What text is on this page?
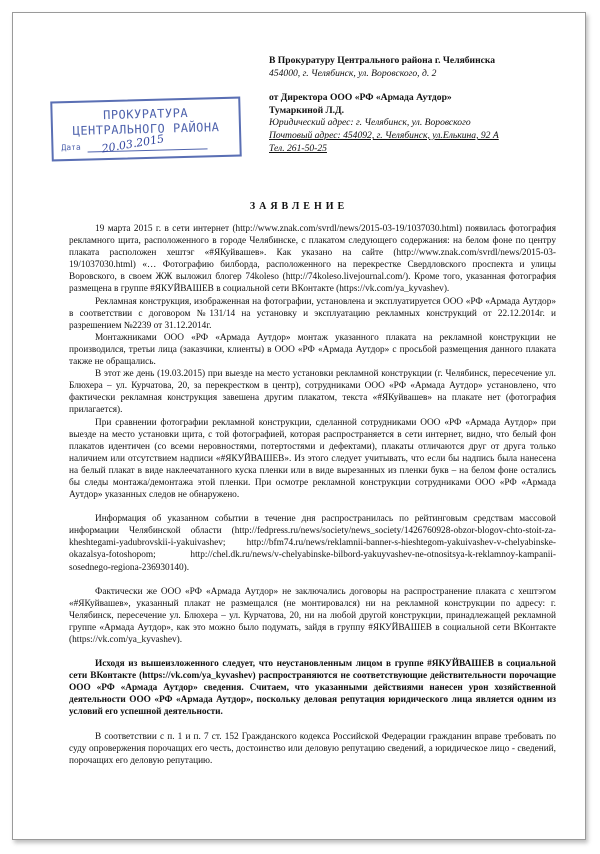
В Прокуратуру Центрального района г. Челябинска
454000, г. Челябинск, ул. Воровского, д. 2
от Директора ООО «РФ «Армада Аутдор»
Тумаркиной Л.Д.
Юридический адрес: г. Челябинск, ул. Воровского
Почтовый адрес: 454092, г. Челябинск, ул.Елькина, 92 А
Тел. 261-50-25
ПРОКУРАТУРА
ЦЕНТРАЛЬНОГО РАЙОНА
Дата 20.03.2015
ЗАЯВЛЕНИЕ

19 марта 2015 г. в сети интернет (http://www.znak.com/svrdl/news/2015-03-19/1037030.html) появилась фотография рекламного щита, расположенного в городе Челябинске, с плакатом следующего содержания: на белом фоне по центру плаката расположен хештэг «#ЯКуйвашев». Как указано на сайте (http://www.znak.com/svrdl/news/2015-03-19/1037030.html) «… Фотографию билборда, расположенного на перекрестке Свердловского проспекта и улицы Воровского, в своем ЖЖ выложил блогер 74koleso (http://74koleso.livejournal.com/). Кроме того, указанная фотография размещена в группе #ЯКУЙВАШЕВ в социальной сети ВКонтакте (https://vk.com/ya_kyvashev).

Рекламная конструкция, изображенная на фотографии, установлена и эксплуатируется ООО «РФ «Армада Аутдор» в соответствии с договором №131/14 на установку и эксплуатацию рекламных конструкций от 22.12.2014г. и разрешением №2239 от 31.12.2014г.

Монтажниками ООО «РФ «Армада Аутдор» монтаж указанного плаката на рекламной конструкции не производился, третьи лица (заказчики, клиенты) в ООО «РФ «Армада Аутдор» с просьбой размещения данного плаката также не обращались.

В этот же день (19.03.2015) при выезде на место установки рекламной конструкции (г. Челябинск, пересечение ул. Блюхера – ул. Курчатова, 20, за перекрестком в центр), сотрудниками ООО «РФ «Армада Аутдор» установлено, что фактически рекламная конструкция завешена другим плакатом, текста «#ЯКуйвашев» на плакате нет (фотография прилагается).

При сравнении фотографии рекламной конструкции, сделанной сотрудниками ООО «РФ «Армада Аутдор» при выезде на место установки щита, с той фотографией, которая распространяется в сети интернет, видно, что белый фон плакатов идентичен (со всеми неровностями, потертостями и дефектами), плакаты отличаются друг от друга только наличием или отсутствием надписи «#ЯКУЙВАШЕВ». Из этого следует учитывать, что если бы надпись была нанесена на белый плакат в виде наклеечатанного куска пленки или в виде вырезанных из пленки букв – на белом фоне остались бы следы монтажа/демонтажа этой пленки. При осмотре рекламной конструкции сотрудниками ООО «РФ «Армада Аутдор» указанных следов не обнаружено.

Информация об указанном событии в течение дня распространилась по рейтинговым средствам массовой информации Челябинской области (http://fedpress.ru/news/society/news_society/1426760928-obzor-blogov-chto-stoit-za-kheshtegami-yadubrovskii-i-yakuivashev; http://bfm74.ru/news/reklamnii-banner-s-hieshtegom-yakuivashev-v-chelyabinske-okazalsya-fotoshopom; http://chel.dk.ru/news/v-chelyabinske-bilbord-yakuyvashev-ne-otnositsya-k-reklamnoy-kampanii-sosednego-regiona-236930140).

Фактически же ООО «РФ «Армада Аутдор» не заключались договоры на распространение плаката с хештэгом «#ЯКуйвашев», указанный плакат не размещался (не монтировался) ни на рекламной конструкции по адресу: г. Челябинск, пересечение ул. Блюхера – ул. Курчатова, 20, ни на любой другой конструкции, принадлежащей рекламной группе «Армада Аутдор», как это можно было подумать, зайдя в группу #ЯКУЙВАШЕВ в социальной сети ВКонтакте (https://vk.com/ya_kyvashev).

Исходя из вышеизложенного следует, что неустановленным лицом в группе #ЯКУЙВАШЕВ в социальной сети ВКонтакте (https://vk.com/ya_kyvashev) распространяются не соответствующие действительности порочащие ООО «РФ «Армада Аутдор» сведения. Считаем, что указанными действиями нанесен урон хозяйственной деятельности ООО «РФ «Армада Аутдор», поскольку деловая репутация юридического лица является одним из условий его успешной деятельности.

В соответствии с п. 1 и п. 7 ст. 152 Гражданского кодекса Российской Федерации гражданин вправе требовать по суду опровержения порочащих его честь, достоинство или деловую репутацию сведений, а юридическое лицо - сведений, порочащих его деловую репутацию.
